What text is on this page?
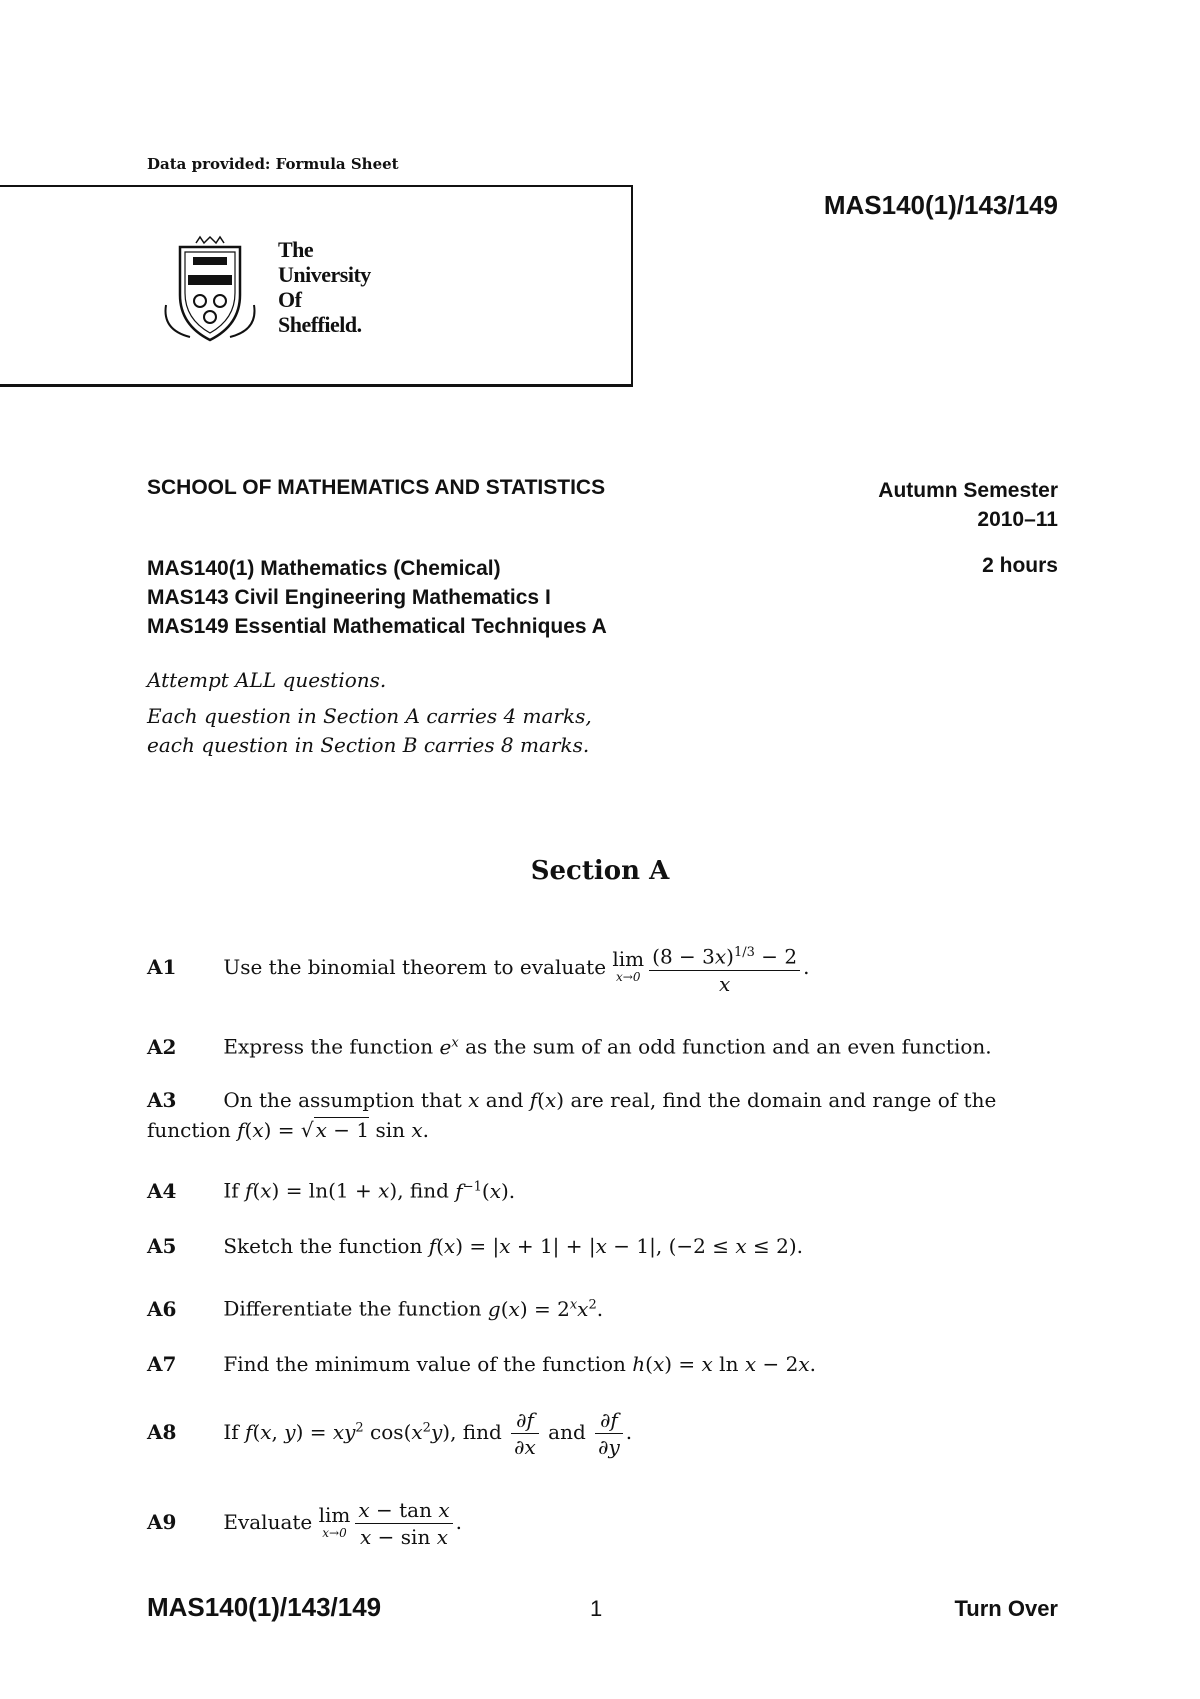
Data provided: Formula Sheet
The
University
Of
Sheffield.
MAS140(1)/143/149
SCHOOL OF MATHEMATICS AND STATISTICS	Autumn Semester
2010–11
MAS140(1) Mathematics (Chemical)
MAS143 Civil Engineering Mathematics I
MAS149 Essential Mathematical Techniques A
2 hours
Attempt ALL questions.
Each question in Section A carries 4 marks,
each question in Section B carries 8 marks.
Section A
A1 Use the binomial theorem to evaluate lim
$x\to 0 \frac{(8 - 3x)^{1/3} - 2}{x}$ .
A2 Express the function $e^x$ as the sum of an odd function and an even function.
A3 On the assumption that x and f(x) are real, find the domain and range of the
function f(x) = √ x − 1 sin x.
A4 If f(x) = ln(1 + x), find $f^{-1}(x)$.
A5 Sketch the function f(x) = |x + 1| + |x − 1|, (−2 ≤ x ≤ 2).
A6 Differentiate the function $g(x) = 2^xx^2$.
A7 Find the minimum value of the function h(x) = x ln x − 2x.
A8 If f(x, $y) = xy^2$ $\cos(x^2y)$, find $\frac{\partial f}{\partial x}$ and $\frac{\partial f}{\partial y}$ .
A9 Evaluate lim
$x\to 0 \frac{\text{x − tan x}}{\text{x − sin x}}$ .
MAS140(1)/143/149	1	Turn Over
